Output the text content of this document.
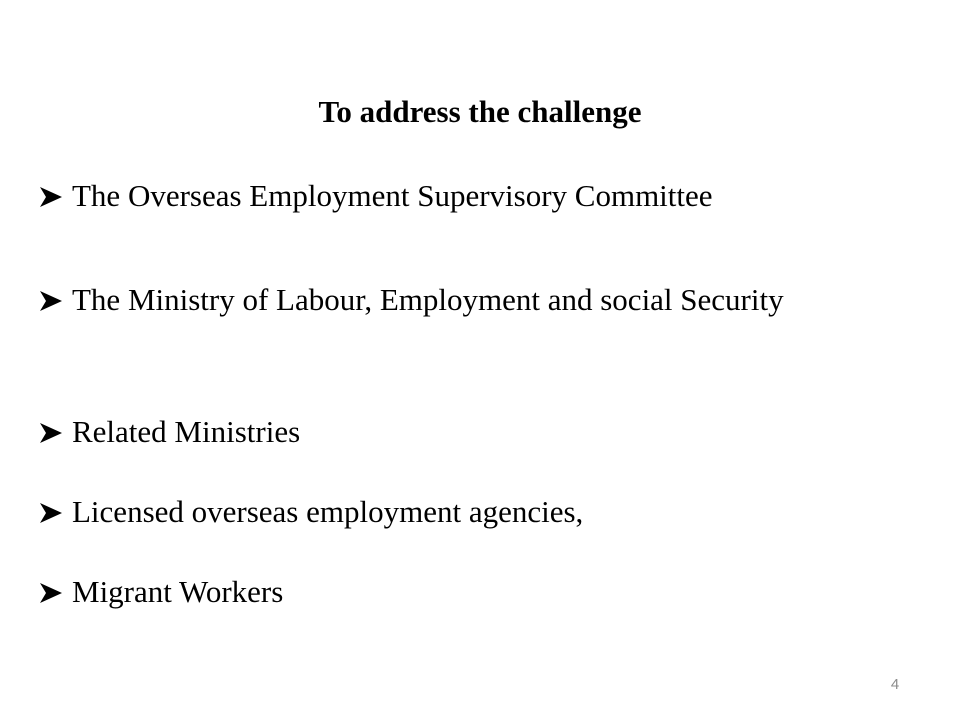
To address the challenge
The Overseas Employment Supervisory Committee
The Ministry of Labour, Employment and social Security
Related Ministries
Licensed overseas employment agencies,
Migrant Workers
4
